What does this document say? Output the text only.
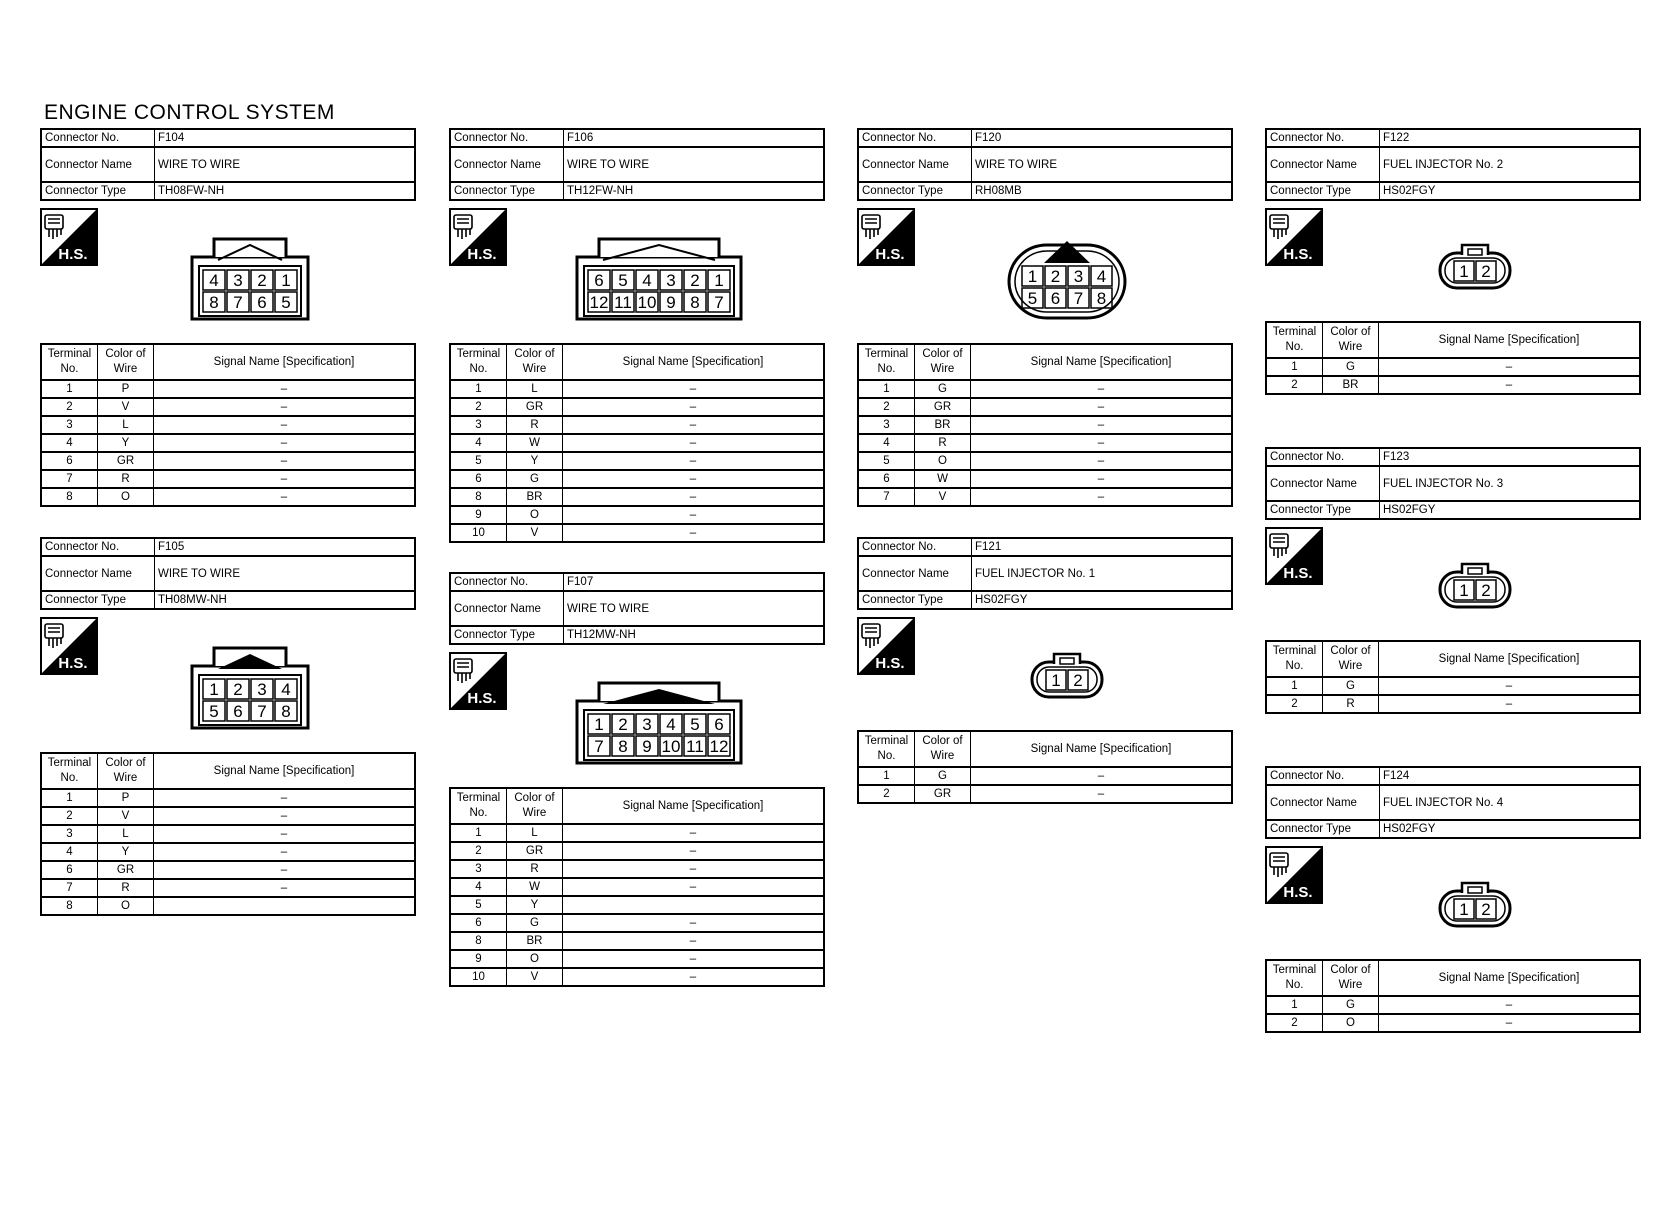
ENGINE CONTROL SYSTEM
Connector No.	F104
Connector Name	WIRE TO WIRE
Connector Type	TH08FW-NH
H.S.
4 3 2 1
8 7 6 5
Terminal No.	Color of Wire	Signal Name [Specification]
1	P	–
2	V	–
3	L	–
4	Y	–
6	GR	–
7	R	–
8	O	–
Connector No.	F105
Connector Name	WIRE TO WIRE
Connector Type	TH08MW-NH
H.S.
1 2 3 4
5 6 7 8
Terminal No.	Color of Wire	Signal Name [Specification]
1	P	–
2	V	–
3	L	–
4	Y	–
6	GR	–
7	R	–
8	O	
Connector No.	F106
Connector Name	WIRE TO WIRE
Connector Type	TH12FW-NH
H.S.
6 5 4 3 2 1
12 11 10 9 8 7
Terminal No.	Color of Wire	Signal Name [Specification]
1	L	–
2	GR	–
3	R	–
4	W	–
5	Y	–
6	G	–
8	BR	–
9	O	–
10	V	–
Connector No.	F107
Connector Name	WIRE TO WIRE
Connector Type	TH12MW-NH
H.S.
1 2 3 4 5 6
7 8 9 10 11 12
Terminal No.	Color of Wire	Signal Name [Specification]
1	L	–
2	GR	–
3	R	–
4	W	–
5	Y	
6	G	–
8	BR	–
9	O	–
10	V	–
Connector No.	F120
Connector Name	WIRE TO WIRE
Connector Type	RH08MB
H.S.
1 2 3 4
5 6 7 8
Terminal No.	Color of Wire	Signal Name [Specification]
1	G	–
2	GR	–
3	BR	–
4	R	–
5	O	–
6	W	–
7	V	–
Connector No.	F121
Connector Name	FUEL INJECTOR No. 1
Connector Type	HS02FGY
H.S.
1 2
Terminal No.	Color of Wire	Signal Name [Specification]
1	G	–
2	GR	–
Connector No.	F122
Connector Name	FUEL INJECTOR No. 2
Connector Type	HS02FGY
H.S.
1 2
Terminal No.	Color of Wire	Signal Name [Specification]
1	G	–
2	BR	–
Connector No.	F123
Connector Name	FUEL INJECTOR No. 3
Connector Type	HS02FGY
H.S.
1 2
Terminal No.	Color of Wire	Signal Name [Specification]
1	G	–
2	R	–
Connector No.	F124
Connector Name	FUEL INJECTOR No. 4
Connector Type	HS02FGY
H.S.
1 2
Terminal No.	Color of Wire	Signal Name [Specification]
1	G	–
2	O	–
